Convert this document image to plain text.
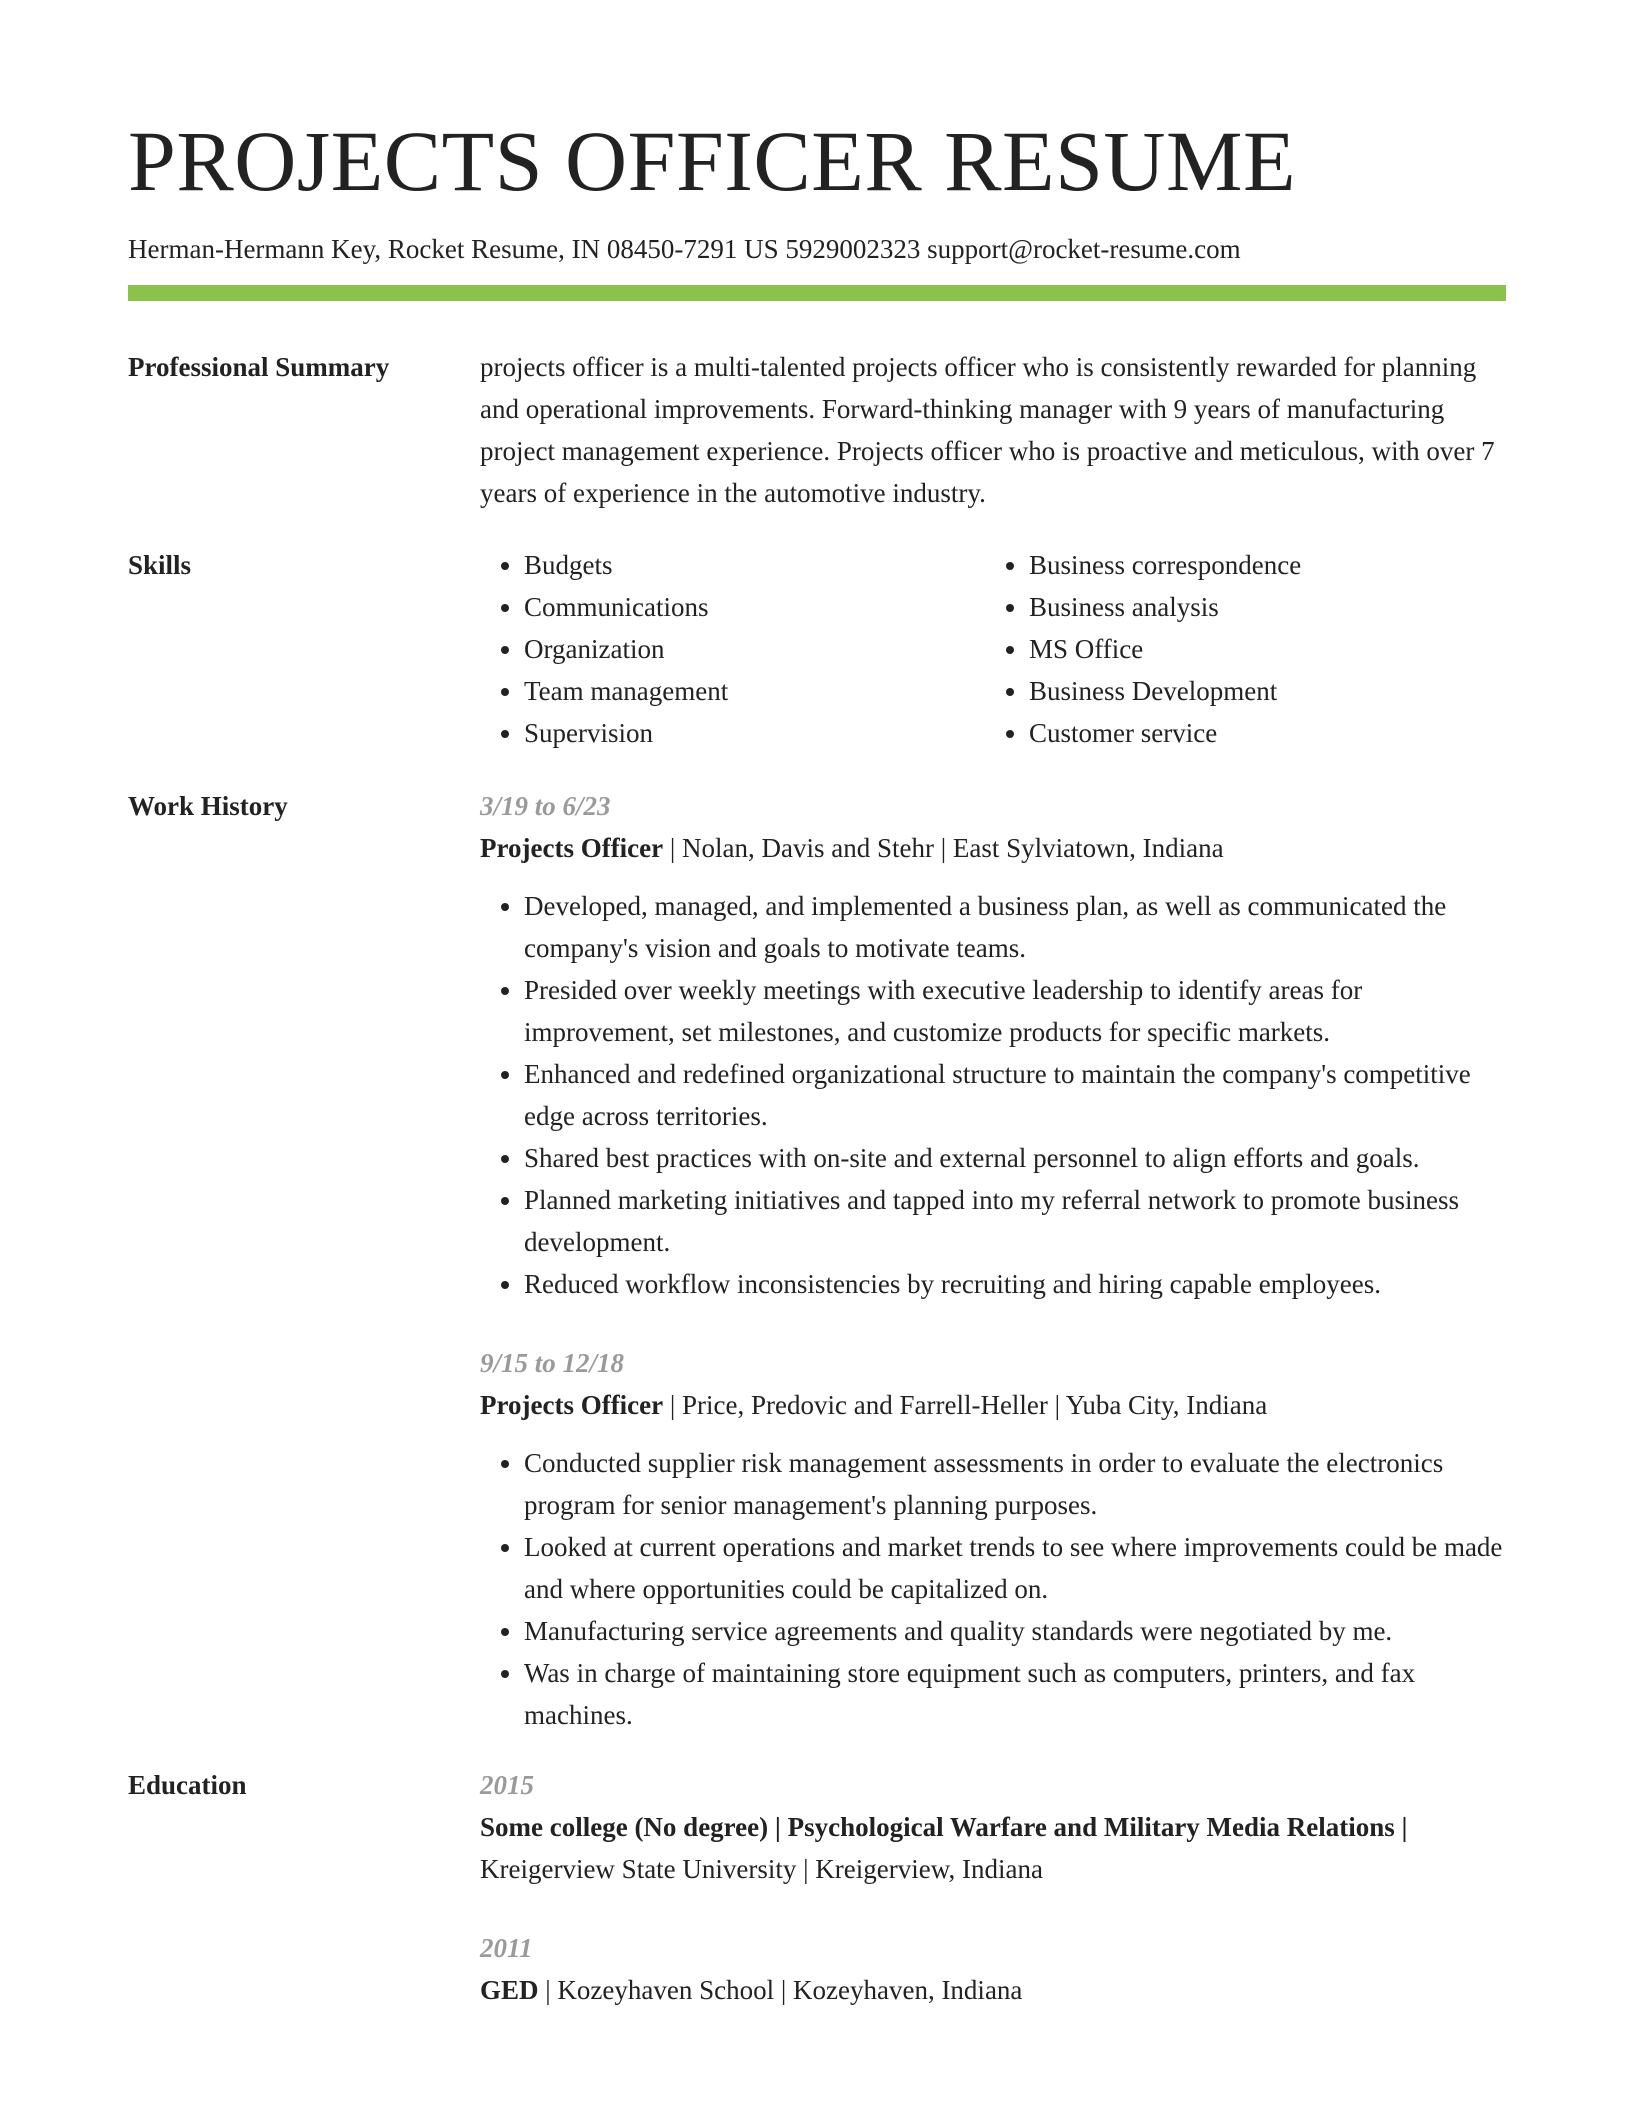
PROJECTS OFFICER RESUME
Herman-Hermann Key, Rocket Resume, IN 08450-7291 US 5929002323 support@rocket-resume.com
Professional Summary	projects officer is a multi-talented projects officer who is consistently rewarded for planning and operational improvements. Forward-thinking manager with 9 years of manufacturing project management experience. Projects officer who is proactive and meticulous, with over 7 years of experience in the automotive industry.

Skills
•	Budgets
• Communications
• Organization
• Team management
• Supervision
• Business correspondence
• Business analysis
• MS Office
• Business Development
• Customer service
Work History	3/19 to 6/23
Projects Officer | Nolan, Davis and Stehr | East Sylviatown, Indiana
• Developed, managed, and implemented a business plan, as well as communicated the company's vision and goals to motivate teams.
• Presided over weekly meetings with executive leadership to identify areas for improvement, set milestones, and customize products for specific markets.
• Enhanced and redefined organizational structure to maintain the company's competitive edge across territories.
• Shared best practices with on-site and external personnel to align efforts and goals.
• Planned marketing initiatives and tapped into my referral network to promote business development.
• Reduced workflow inconsistencies by recruiting and hiring capable employees.
9/15 to 12/18
Projects Officer | Price, Predovic and Farrell-Heller | Yuba City, Indiana
• Conducted supplier risk management assessments in order to evaluate the electronics program for senior management's planning purposes.
• Looked at current operations and market trends to see where improvements could be made and where opportunities could be capitalized on.
• Manufacturing service agreements and quality standards were negotiated by me.
• Was in charge of maintaining store equipment such as computers, printers, and fax machines.
Education	2015
Some college (No degree) | Psychological Warfare and Military Media Relations |
Kreigerview State University | Kreigerview, Indiana
2011
GED | Kozeyhaven School | Kozeyhaven, Indiana
